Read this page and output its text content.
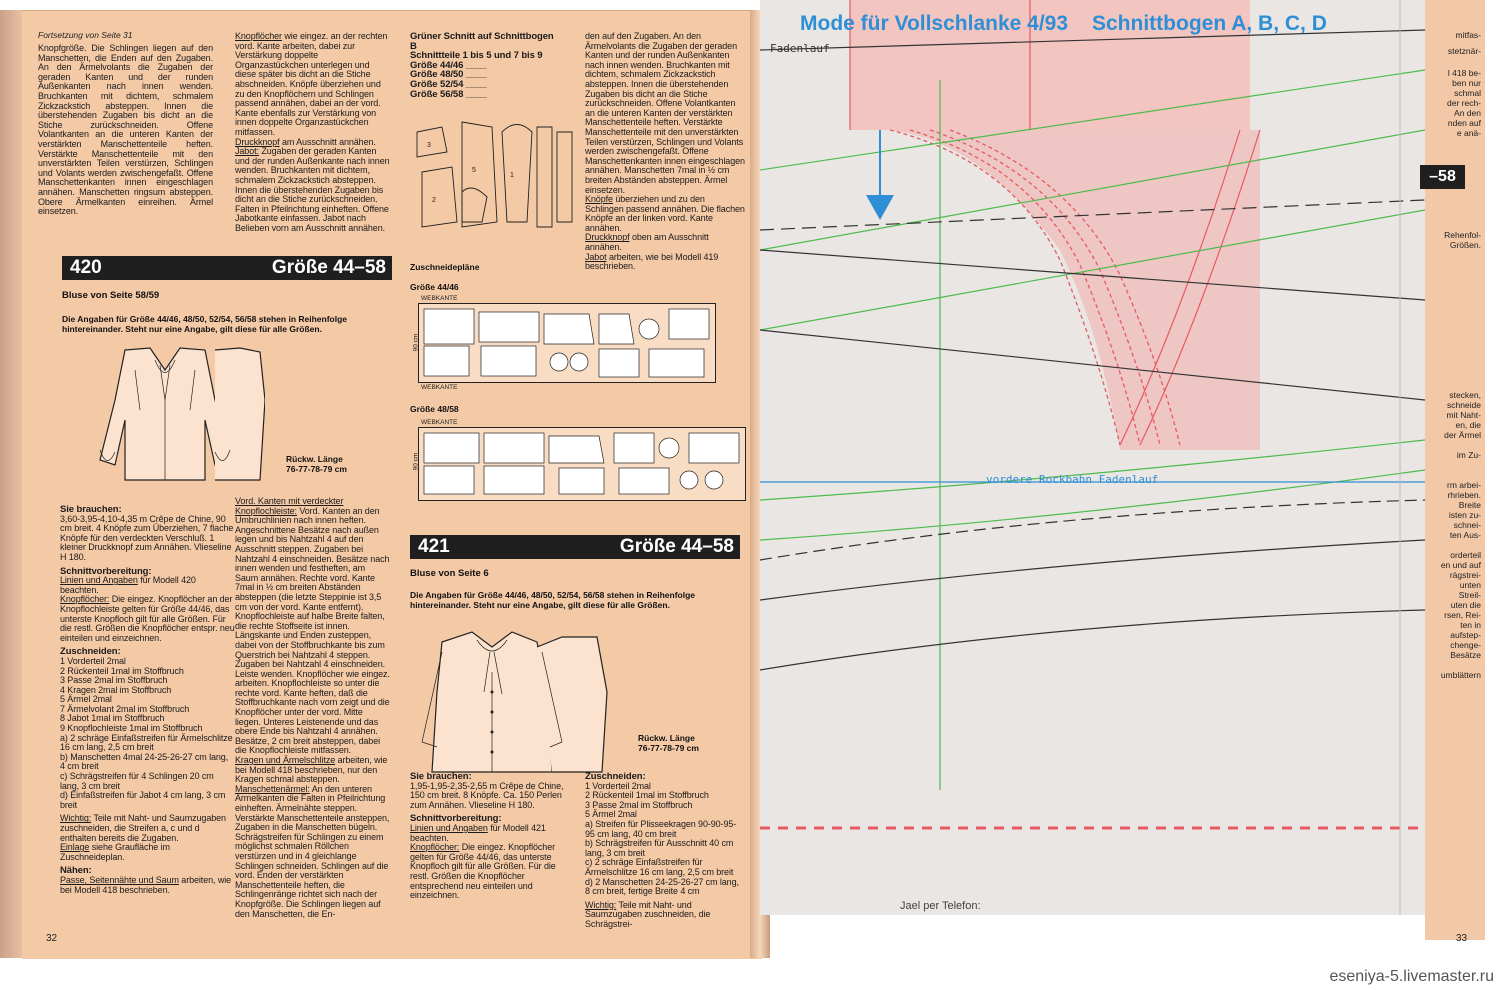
Fortsetzung von Seite 31

Knopfgröße. Die Schlingen liegen auf den Manschetten, die Enden auf den Zugaben. An den Ärmelvolants die Zugaben der geraden Kanten und der runden Außenkanten nach innen wenden. Bruchkanten mit dichtem, schmalem Zickzackstich absteppen. Innen die überstehenden Zugaben bis dicht an die Stiche zurückschneiden. Offene Volantkanten an die unteren Kanten der verstärkten Manschettenteile heften. Verstärkte Manschettenteile mit den unverstärkten Teilen verstürzen, Schlingen und Volants werden zwischengefaßt. Offene Manschettenkanten innen eingeschlagen annähen. Manschetten ringsum absteppen. Obere Ärmelkanten einreihen. Ärmel einsetzen.

420	Größe 44–58
Bluse von Seite 58/59
Die Angaben für Größe 44/46, 48/50, 52/54, 56/58 stehen in Reihenfolge hintereinander. Steht nur eine Angabe, gilt diese für alle Größen.
Rückw. Länge
76-77-78-79 cm

Sie brauchen:
3,60-3,95-4,10-4,35 m Crêpe de Chine, 90 cm breit. 4 Knöpfe zum Überziehen, 7 flache Knöpfe für den verdeckten Verschluß. 1 kleiner Druckknopf zum Annähen. Vlieseline H 180.

Schnittvorbereitung:
Linien und Angaben für Modell 420 beachten.
Knopflöcher: Die eingez. Knopflöcher an der Knopflochleiste gelten für Größe 44/46, das unterste Knopfloch gilt für alle Größen. Für die restl. Größen die Knopflöcher entspr. neu einteilen und einzeichnen.

Zuschneiden:
1 Vorderteil 2mal
2 Rückenteil 1mal im Stoffbruch
3 Passe 2mal im Stoffbruch
4 Kragen 2mal im Stoffbruch
5 Ärmel 2mal
7 Ärmelvolant 2mal im Stoffbruch
8 Jabot 1mal im Stoffbruch
9 Knopflochleiste 1mal im Stoffbruch
a) 2 schräge Einfaßstreifen für Ärmelschlitze 16 cm lang, 2,5 cm breit
b) Manschetten 4mal 24-25-26-27 cm lang, 4 cm breit
c) Schrägstreifen für 4 Schlingen 20 cm lang, 3 cm breit
d) Einfaßstreifen für Jabot 4 cm lang, 3 cm breit

Wichtig: Teile mit Naht- und Saumzugaben zuschneiden, die Streifen a, c und d enthalten bereits die Zugaben.
Einlage siehe Graufläche im Zuschneideplan.

Nähen:
Passe, Seitennähte und Saum arbeiten, wie bei Modell 418 beschrieben.

Knopflöcher wie eingez. an der rechten vord. Kante arbeiten, dabei zur Verstärkung doppelte Organzastückchen unterlegen und diese später bis dicht an die Stiche abschneiden. Knöpfe überziehen und zu den Knopflöchern und Schlingen passend annähen, dabei an der vord. Kante ebenfalls zur Verstärkung von innen doppelte Organzastückchen mitfassen.
Druckknopf am Ausschnitt annähen.
Jabot: Zugaben der geraden Kanten und der runden Außenkante nach innen wenden. Bruchkanten mit dichtem, schmalem Zickzackstich absteppen. Innen die überstehenden Zugaben bis dicht an die Stiche zurückschneiden. Falten in Pfeilrichtung einheften. Offene Jabotkante einfassen. Jabot nach Belieben vorn am Ausschnitt annähen.

Vord. Kanten mit verdeckter Knopflochleiste: Vord. Kanten an den Umbruchlinien nach innen heften. Angeschnittene Besätze nach außen legen und bis Nahtzahl 4 auf den Ausschnitt steppen. Zugaben bei Nahtzahl 4 einschneiden. Besätze nach innen wenden und festheften, am Saum annähen. Rechte vord. Kante 7mal in ½ cm breiten Abständen absteppen (die letzte Steppinie ist 3,5 cm von der vord. Kante entfernt). Knopflochleiste auf halbe Breite falten, die rechte Stoffseite ist innen. Längskante und Enden zusteppen, dabei von der Stoffbruchkante bis zum Querstrich bei Nahtzahl 4 steppen. Zugaben bei Nahtzahl 4 einschneiden. Leiste wenden. Knopflöcher wie eingez. arbeiten. Knopflochleiste so unter die rechte vord. Kante heften, daß die Stoffbruchkante nach vorn zeigt und die Knopflöcher unter der vord. Mitte liegen. Unteres Leistenende und das obere Ende bis Nahtzahl 4 annähen. Besätze, 2 cm breit absteppen, dabei die Knopflochleiste mitfassen.
Kragen und Ärmelschlitze arbeiten, wie bei Modell 418 beschrieben, nur den Kragen schmal absteppen.
Manschettenärmel: An den unteren Ärmelkanten die Falten in Pfeilrichtung einheften. Ärmelnähte steppen. Verstärkte Manschettenteile ansteppen, Zugaben in die Manschetten bügeln. Schrägstreifen für Schlingen zu einem möglichst schmalen Röllchen verstürzen und in 4 gleichlange Schlingen schneiden. Schlingen auf die vord. Enden der verstärkten Manschettenteile heften, die Schlingenränge richtet sich nach der Knopfgröße. Die Schlingen liegen auf den Manschetten, die En-

Grüner Schnitt auf Schnittbogen B
Schnittteile 1 bis 5 und 7 bis 9
Größe 44/46 ____
Größe 48/50 ____
Größe 52/54 ____
Größe 56/58 ____

3
2
5
1
Zuschneidepläne
Größe 44/46
WEBKANTE
WEBKANTE
90 cm
Größe 48/58
WEBKANTE
90 cm
421	Größe 44–58
Bluse von Seite 6
Die Angaben für Größe 44/46, 48/50, 52/54, 56/58 stehen in Reihenfolge hintereinander. Steht nur eine Angabe, gilt diese für alle Größen.
Rückw. Länge
76-77-78-79 cm

Sie brauchen:
1,95-1,95-2,35-2,55 m Crêpe de Chine, 150 cm breit. 8 Knöpfe. Ca. 150 Perlen zum Annähen. Vlieseline H 180.

Schnittvorbereitung:
Linien und Angaben für Modell 421 beachten.
Knopflöcher: Die eingez. Knopflöcher gelten für Größe 44/46, das unterste Knopfloch gilt für alle Größen. Für die restl. Größen die Knopflöcher entsprechend neu einteilen und einzeichnen.

den auf den Zugaben. An den Ärmelvolants die Zugaben der geraden Kanten und der runden Außenkanten nach innen wenden. Bruchkanten mit dichtem, schmalem Zickzackstich absteppen. Innen die überstehenden Zugaben bis dicht an die Stiche zurückschneiden. Offene Volantkanten an die unteren Kanten der verstärkten Manschettenteile heften. Verstärkte Manschettenteile mit den unverstärkten Teilen verstürzen, Schlingen und Volants werden zwischengefaßt. Offene Manschettenkanten innen eingeschlagen annähen. Manschetten 7mal in ½ cm breiten Abständen absteppen. Ärmel einsetzen.
Knöpfe überziehen und zu den Schlingen passend annähen. Die flachen Knöpfe an der linken vord. Kante annähen.
Druckknopf oben am Ausschnitt annähen.
Jabot arbeiten, wie bei Modell 419 beschrieben.

Zuschneiden:
1 Vorderteil 2mal
2 Rückenteil 1mal im Stoffbruch
3 Passe 2mal im Stoffbruch
5 Ärmel 2mal
a) Streifen für Plisseekragen 90-90-95-95 cm lang, 40 cm breit
b) Schrägstreifen für Ausschnitt 40 cm lang, 3 cm breit
c) 2 schräge Einfaßstreifen für Ärmelschlitze 16 cm lang, 2,5 cm breit
d) 2 Manschetten 24-25-26-27 cm lang, 8 cm breit, fertige Breite 4 cm

Wichtig: Teile mit Naht- und Saumzugaben zuschneiden, die Schrägstrei-

32
Mode für Vollschlanke 4/93 Schnittbogen A, B, C, D
Fadenlauf
vordere Rockbahn Fadenlauf
Jael per Telefon:
–58
mitfas-
stetznär-
l 418 be-
ben nur
schmal
der rech-
An den
nden auf
e anä-
Rehenfol-
Größen.
stecken,
schneide
mit Naht-
en, die
der Ärmel
im Zu-
rm arbei-
rhrieben.
Breite
isten zu-
schnei-
ten Aus-
orderteil
en und auf
rägstrei-
unten
Streil-
uten die
rsen, Rei-
ten in
aufstep-
chenge-
Besätze
umblättern
33
eseniya-5.livemaster.ru
